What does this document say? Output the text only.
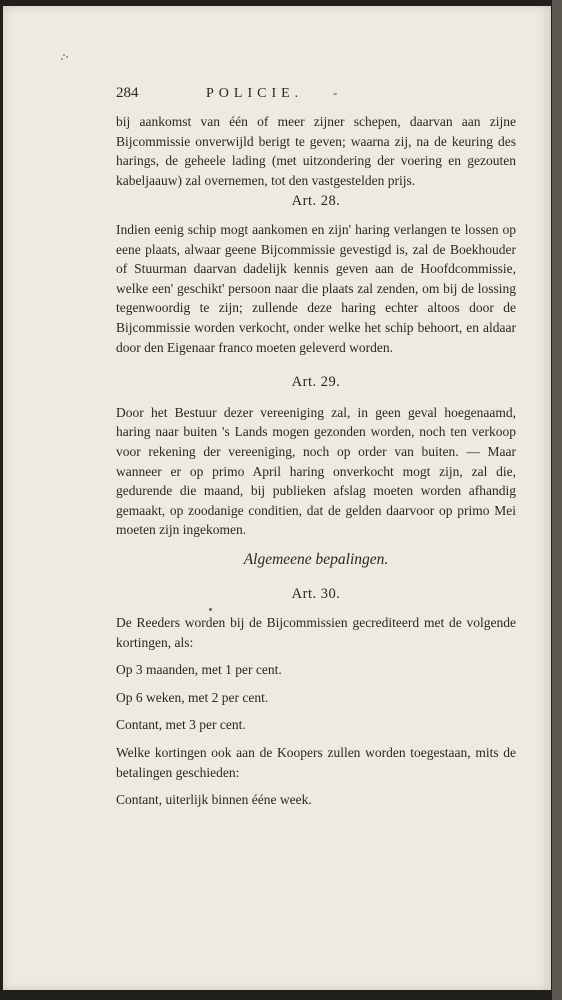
284	POLICIE.	-

bij aankomst van één of meer zijner schepen, daarvan aan zijne Bijcommissie onverwijld berigt te geven; waarna zij, na de keuring des harings, de geheele lading (met uitzondering der voering en gezouten kabeljaauw) zal overnemen, tot den vastgestelden prijs.

Art. 28.

Indien eenig schip mogt aankomen en zijn' haring verlangen te lossen op eene plaats, alwaar geene Bijcommissie gevestigd is, zal de Boekhouder of Stuurman daarvan dadelijk kennis geven aan de Hoofdcommissie, welke een' geschikt' persoon naar die plaats zal zenden, om bij de lossing tegenwoordig te zijn; zullende deze haring echter altoos door de Bijcommissie worden verkocht, onder welke het schip behoort, en aldaar door den Eigenaar franco moeten geleverd worden.

Art. 29.

Door het Bestuur dezer vereeniging zal, in geen geval hoegenaamd, haring naar buiten 's Lands mogen gezonden worden, noch ten verkoop voor rekening der vereeniging, noch op order van buiten. — Maar wanneer er op primo April haring onverkocht mogt zijn, zal die, gedurende die maand, bij publieken afslag moeten worden afhandig gemaakt, op zoodanige conditien, dat de gelden daarvoor op primo Mei moeten zijn ingekomen.

Algemeene bepalingen.
Art. 30.

De Reeders worden bij de Bijcommissien gecrediteerd met de volgende kortingen, als:

Op 3 maanden, met 1 per cent.

Op 6 weken, met 2 per cent.

Contant, met 3 per cent.

Welke kortingen ook aan de Koopers zullen worden toegestaan, mits de betalingen geschieden:

Contant, uiterlijk binnen éénе week.
